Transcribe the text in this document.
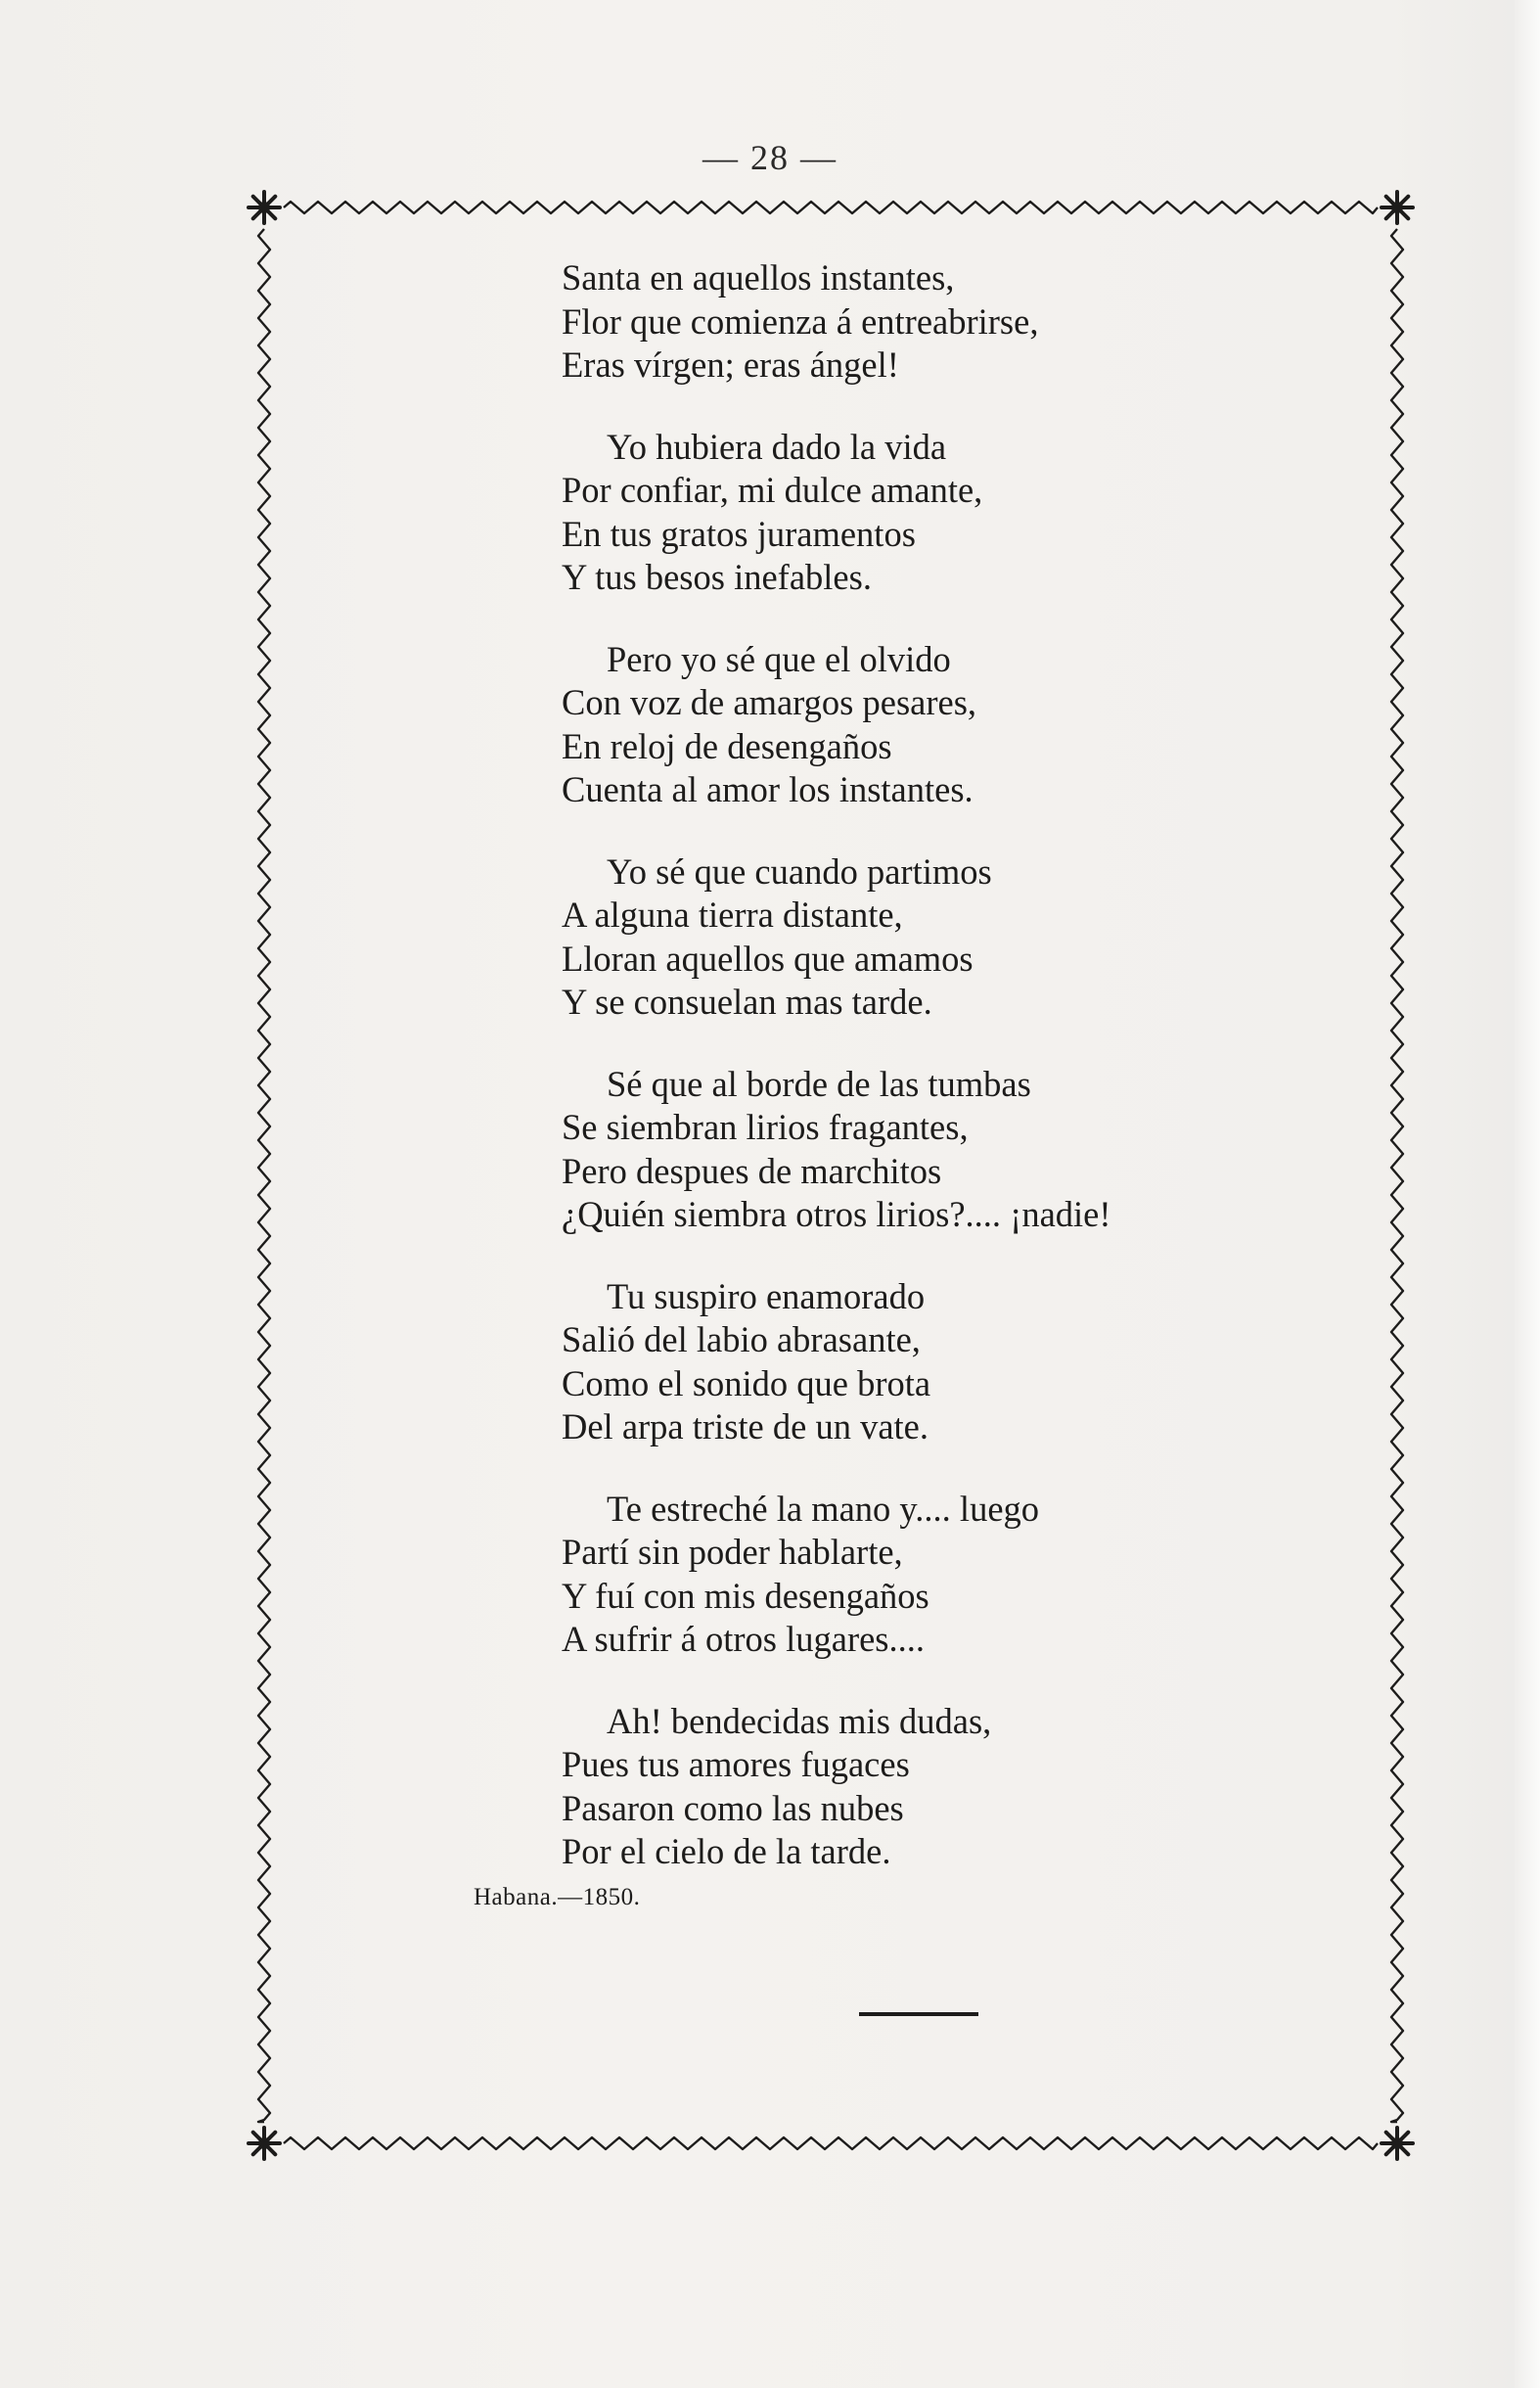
— 28 —
Santa en aquellos instantes,
Flor que comienza á entreabrirse,
Eras vírgen; eras ángel!
Yo hubiera dado la vida
Por confiar, mi dulce amante,
En tus gratos juramentos
Y tus besos inefables.
Pero yo sé que el olvido
Con voz de amargos pesares,
En reloj de desengaños
Cuenta al amor los instantes.
Yo sé que cuando partimos
A alguna tierra distante,
Lloran aquellos que amamos
Y se consuelan mas tarde.
Sé que al borde de las tumbas
Se siembran lirios fragantes,
Pero despues de marchitos
¿Quién siembra otros lirios?.... ¡nadie!
Tu suspiro enamorado
Salió del labio abrasante,
Como el sonido que brota
Del arpa triste de un vate.
Te estreché la mano y.... luego
Partí sin poder hablarte,
Y fuí con mis desengaños
A sufrir á otros lugares....
Ah! bendecidas mis dudas,
Pues tus amores fugaces
Pasaron como las nubes
Por el cielo de la tarde.
Habana.—1850.
